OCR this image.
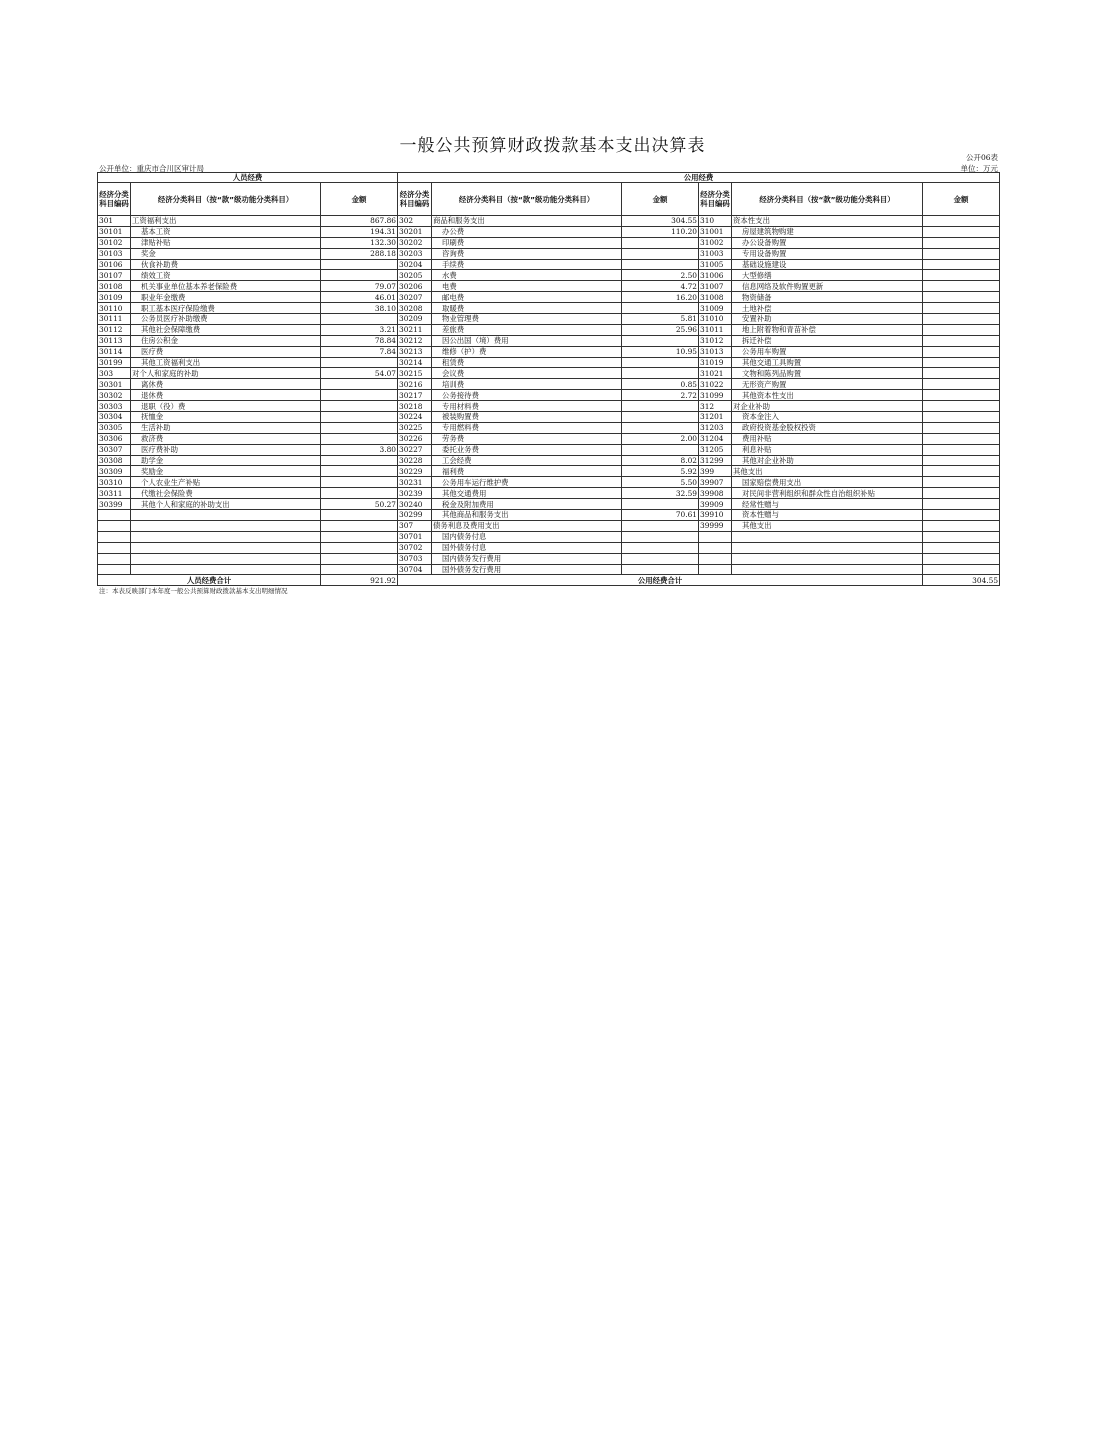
一般公共预算财政拨款基本支出决算表
公开06表
公开单位：重庆市合川区审计局	单位：万元
人员经费			公用经费					
经济分类科目编码	经济分类科目（按“款”级功能分类科目）	金额	经济分类科目编码	经济分类科目（按“款”级功能分类科目）	金额	经济分类科目编码	经济分类科目（按“款”级功能分类科目）	金额
301	工资福利支出	867.86	302	商品和服务支出	304.55	310	资本性支出	
30101	基本工资	194.31	30201	办公费	110.20	31001	房屋建筑物购建	
30102	津贴补贴	132.30	30202	印刷费		31002	办公设备购置	
30103	奖金	288.18	30203	咨询费		31003	专用设备购置	
30106	伙食补助费		30204	手续费		31005	基础设施建设	
30107	绩效工资		30205	水费	2.50	31006	大型修缮	
30108	机关事业单位基本养老保险费	79.07	30206	电费	4.72	31007	信息网络及软件购置更新	
30109	职业年金缴费	46.01	30207	邮电费	16.20	31008	物资储备	
30110	职工基本医疗保险缴费	38.10	30208	取暖费		31009	土地补偿	
30111	公务员医疗补助缴费		30209	物业管理费	5.81	31010	安置补助	
30112	其他社会保障缴费	3.21	30211	差旅费	25.96	31011	地上附着物和青苗补偿	
30113	住房公积金	78.84	30212	因公出国（境）费用		31012	拆迁补偿	
30114	医疗费	7.84	30213	维修（护）费	10.95	31013	公务用车购置	
30199	其他工资福利支出		30214	租赁费		31019	其他交通工具购置	
303	对个人和家庭的补助	54.07	30215	会议费		31021	文物和陈列品购置	
30301	离休费		30216	培训费	0.85	31022	无形资产购置	
30302	退休费		30217	公务接待费	2.72	31099	其他资本性支出	
30303	退职（役）费		30218	专用材料费		312	对企业补助	
30304	抚恤金		30224	被装购置费		31201	资本金注入	
30305	生活补助		30225	专用燃料费		31203	政府投资基金股权投资	
30306	救济费		30226	劳务费	2.00	31204	费用补贴	
30307	医疗费补助	3.80	30227	委托业务费		31205	利息补贴	
30308	助学金		30228	工会经费	8.02	31299	其他对企业补助	
30309	奖励金		30229	福利费	5.92	399	其他支出	
30310	个人农业生产补贴		30231	公务用车运行维护费	5.50	39907	国家赔偿费用支出	
30311	代缴社会保险费		30239	其他交通费用	32.59	39908	对民间非营利组织和群众性自治组织补贴	
30399	其他个人和家庭的补助支出	50.27	30240	税金及附加费用		39909	经常性赠与	
			30299	其他商品和服务支出	70.61	39910	资本性赠与	
			307	债务利息及费用支出		39999	其他支出	
			30701	国内债务付息				
			30702	国外债务付息				
			30703	国内债务发行费用				
			30704	国外债务发行费用				
人员经费合计		921.92	公用经费合计					304.55
注：本表反映部门本年度一般公共预算财政拨款基本支出明细情况
